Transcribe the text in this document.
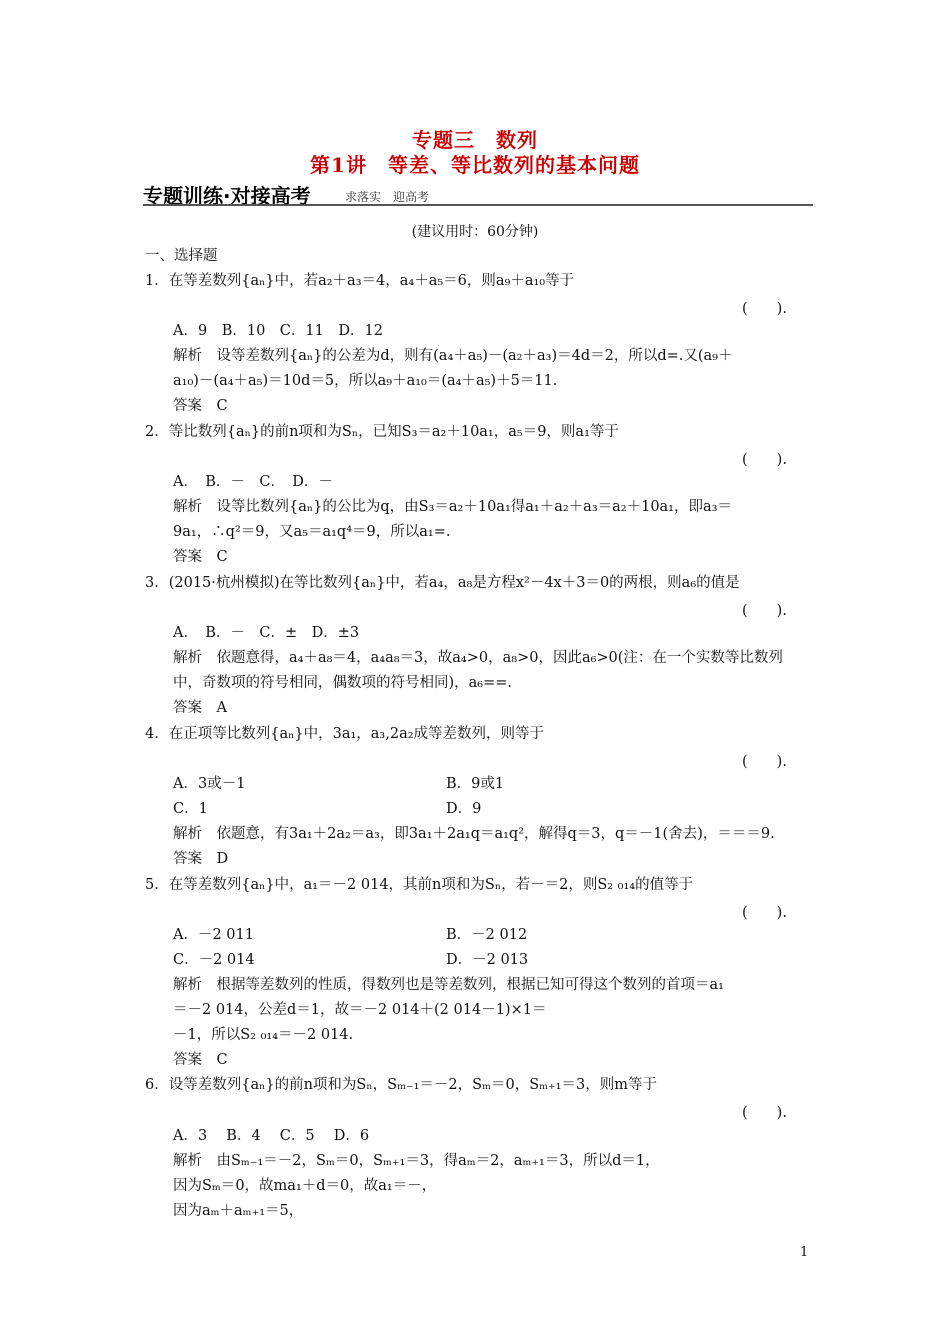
专题三　数列
第1讲　等差、等比数列的基本问题
专题训练·对接高考	求落实　迎高考
(建议用时：60分钟)
一、选择题
1．在等差数列{aₙ}中，若a₂＋a₃＝4，a₄＋a₅＝6，则a₉＋a₁₀等于
(　　).
A．9　B．10　C．11　D．12
解析　设等差数列{aₙ}的公差为d，则有(a₄＋a₅)－(a₂＋a₃)＝4d＝2，所以d=.又(a₉＋
a₁₀)－(a₄＋a₅)＝10d＝5，所以a₉＋a₁₀＝(a₄＋a₅)＋5＝11.
答案　C
2．等比数列{aₙ}的前n项和为Sₙ，已知S₃＝a₂＋10a₁，a₅＝9，则a₁等于
(　　).
A．　B．－　C．　D．－
解析　设等比数列{aₙ}的公比为q，由S₃＝a₂＋10a₁得a₁＋a₂＋a₃＝a₂＋10a₁，即a₃＝
9a₁，∴q²＝9，又a₅＝a₁q⁴＝9，所以a₁=.
答案　C
3．(2015·杭州模拟)在等比数列{aₙ}中，若a₄，a₈是方程x²－4x＋3＝0的两根，则a₆的值是
(　　).
A．　B．－　C．±　D．±3
解析　依题意得，a₄＋a₈＝4，a₄a₈＝3，故a₄>0，a₈>0，因此a₆>0(注：在一个实数等比数列
中，奇数项的符号相同，偶数项的符号相同)，a₆==.
答案　A
4．在正项等比数列{aₙ}中，3a₁，a₃,2a₂成等差数列，则等于
(　　).
A．3或－1	B．9或1
C．1	D．9
解析　依题意，有3a₁＋2a₂＝a₃，即3a₁＋2a₁q＝a₁q²，解得q＝3，q＝－1(舍去)，＝＝＝9.
答案　D
5．在等差数列{aₙ}中，a₁＝－2 014，其前n项和为Sₙ，若－＝2，则S₂ ₀₁₄的值等于
(　　).
A．－2 011	B．－2 012
C．－2 014	D．－2 013
解析　根据等差数列的性质，得数列也是等差数列，根据已知可得这个数列的首项＝a₁
＝－2 014，公差d＝1，故＝－2 014＋(2 014－1)×1＝
－1，所以S₂ ₀₁₄＝－2 014.
答案　C
6．设等差数列{aₙ}的前n项和为Sₙ，Sₘ₋₁＝－2，Sₘ＝0，Sₘ₊₁＝3，则m等于
(　　).
A．3　 B．4　 C．5　 D．6
解析　由Sₘ₋₁＝－2，Sₘ＝0，Sₘ₊₁＝3，得aₘ＝2，aₘ₊₁＝3，所以d＝1，
因为Sₘ＝0，故ma₁＋d＝0，故a₁＝－，
因为aₘ＋aₘ₊₁＝5，
1
